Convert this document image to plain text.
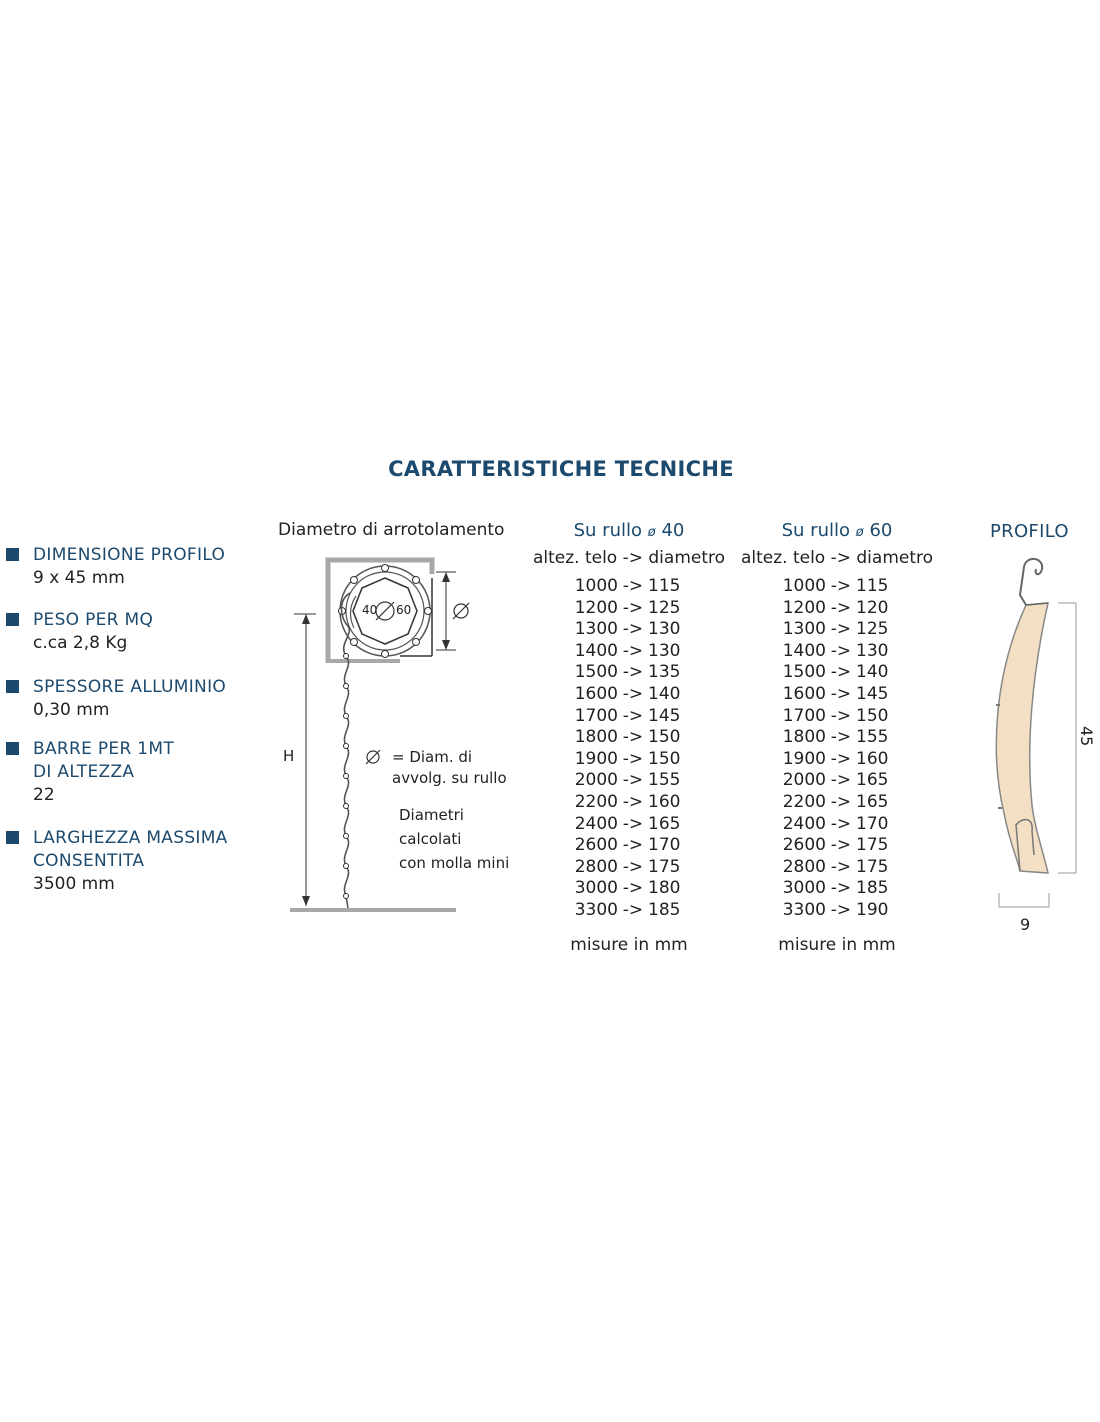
CARATTERISTICHE TECNICHE
DIMENSIONE PROFILO
9 x 45 mm
PESO PER MQ
c.ca 2,8 Kg
SPESSORE ALLUMINIO
0,30 mm
BARRE PER 1MT
DI ALTEZZA
22
LARGHEZZA MASSIMA
CONSENTITA
3500 mm
Diametro di arrotolamento
40 60
H	= Diam. di
avvolg. su rullo
Diametri
calcolati
con molla mini
Su rullo ø 40
altez. telo -> diametro
1000 -> 115
1200 -> 125
1300 -> 130
1400 -> 130
1500 -> 135
1600 -> 140
1700 -> 145
1800 -> 150
1900 -> 150
2000 -> 155
2200 -> 160
2400 -> 165
2600 -> 170
2800 -> 175
3000 -> 180
3300 -> 185
misure in mm
Su rullo ø 60
altez. telo -> diametro
1000 -> 115
1200 -> 120
1300 -> 125
1400 -> 130
1500 -> 140
1600 -> 145
1700 -> 150
1800 -> 155
1900 -> 160
2000 -> 165
2200 -> 165
2400 -> 170
2600 -> 175
2800 -> 175
3000 -> 185
3300 -> 190
misure in mm
PROFILO
45
9
